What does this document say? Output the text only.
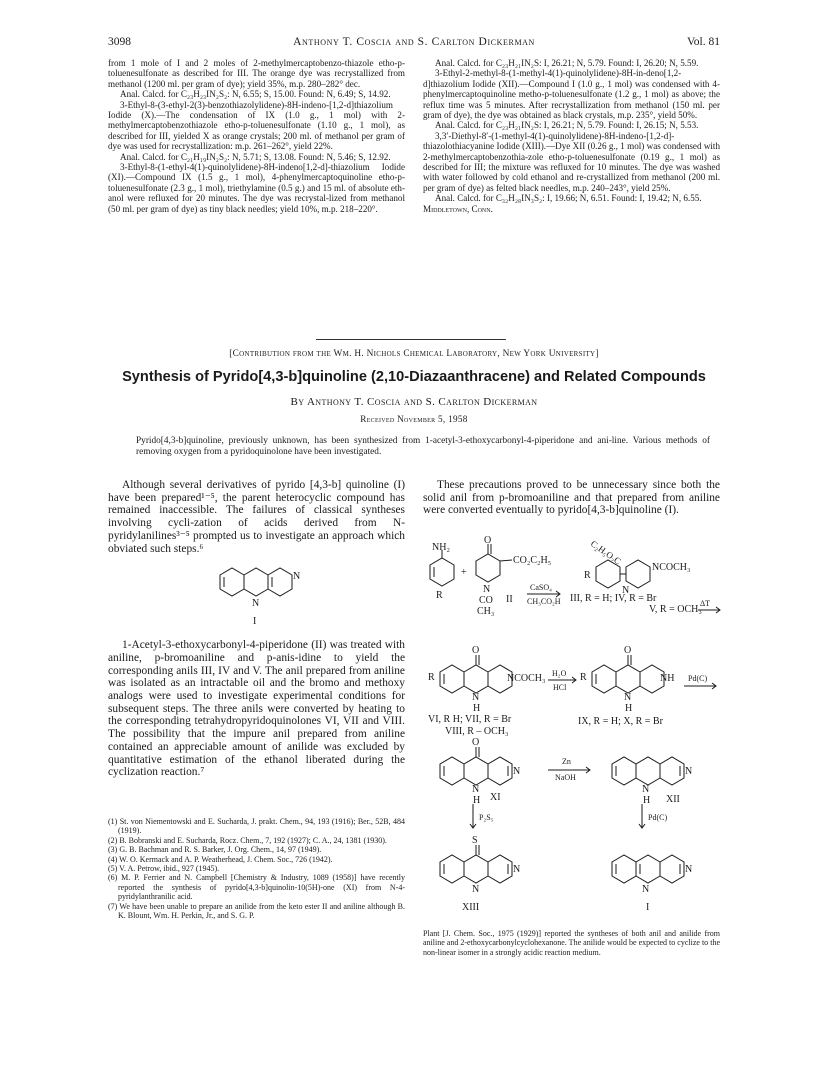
3098	Anthony T. Coscia and S. Carlton Dickerman	Vol. 81

from 1 mole of I and 2 moles of 2-methylmercaptobenzo-thiazole etho-p-toluenesulfonate as described for III. The orange dye was recrystallized from methanol (1200 ml. per gram of dye); yield 35%, m.p. 280–282° dec.

Anal. Calcd. for C₂₃H₂₃IN₂S₂: N, 6.55; S, 15.00. Found: N, 6.49; S, 14.92.

3-Ethyl-8-(3-ethyl-2(3)-benzothiazolylidene)-8H-indeno-[1,2-d]thiazolium Iodide (X).—The condensation of IX (1.0 g., 1 mol) with 2-methylmercaptobenzothiazole etho-p-toluenesulfonate (1.10 g., 1 mol), as described for III, yielded X as orange crystals; 200 ml. of methanol per gram of dye was used for recrystallization: m.p. 261–262°, yield 22%.

Anal. Calcd. for C₂₁H₁₉IN₂S₂: N, 5.71; S, 13.08. Found: N, 5.46; S, 12.92.

3-Ethyl-8-(1-ethyl-4(1)-quinolylidene)-8H-indeno[1,2-d]-thiazolium Iodide (XI).—Compound IX (1.5 g., 1 mol), 4-phenylmercaptoquinoline etho-p-toluenesulfonate (2.3 g., 1 mol), triethylamine (0.5 g.) and 15 ml. of absolute eth-anol were refluxed for 20 minutes. The dye was recrystal-lized from methanol (50 ml. per gram of dye) as tiny black needles; yield 10%, m.p. 218–220°.

Anal. Calcd. for C₂₃H₂₁IN₂S: I, 26.21; N, 5.79. Found: I, 26.20; N, 5.59.

3-Ethyl-2-methyl-8-(1-methyl-4(1)-quinolylidene)-8H-in-deno[1,2-d]thiazolium Iodide (XII).—Compound I (1.0 g., 1 mol) was condensed with 4-phenylmercaptoquinoline metho-p-toluenesulfonate (1.2 g., 1 mol) as above; the reflux time was 5 minutes. After recrystallization from methanol (150 ml. per gram of dye), the dye was obtained as black crystals, m.p. 235°, yield 50%.

Anal. Calcd. for C₂₃H₂₁IN₂S: I, 26.21; N, 5.79. Found: I, 26.15; N, 5.53.

3,3′-Diethyl-8′-(1-methyl-4(1)-quinolylidene)-8H-indeno-[1,2-d]-thiazolothiacyanine Iodide (XIII).—Dye XII (0.26 g., 1 mol) was condensed with 2-methylmercaptobenzothia-zole etho-p-toluenesulfonate (0.19 g., 1 mol) as described for III; the mixture was refluxed for 10 minutes. The dye was washed with water followed by cold ethanol and re-crystallized from methanol (200 ml. per gram of dye) as felted black needles, m.p. 240–243°, yield 25%.

Anal. Calcd. for C₃₂H₂₈IN₃S₂: I, 19.66; N, 6.51. Found: I, 19.42; N, 6.55.

Middletown, Conn.

[Contribution from the Wm. H. Nichols Chemical Laboratory, New York University]
Synthesis of Pyrido[4,3-b]quinoline (2,10-Diazaanthracene) and Related Compounds
By Anthony T. Coscia and S. Carlton Dickerman
Received November 5, 1958
Pyrido[4,3-b]quinoline, previously unknown, has been synthesized from 1-acetyl-3-ethoxycarbonyl-4-piperidone and ani-line. Various methods of removing oxygen from a pyridoquinolone have been investigated.

Although several derivatives of pyrido [4,3-b] quinoline (I) have been prepared¹⁻⁵, the parent heterocyclic compound has remained inaccessible. The failures of classical syntheses involving cycli-zation of acids derived from N-pyridylanilines³⁻⁵ prompted us to investigate an approach which obviated such steps.⁶

1-Acetyl-3-ethoxycarbonyl-4-piperidone (II) was treated with aniline, p-bromoaniline and p-anis-idine to yield the corresponding anils III, IV and V. The anil prepared from aniline was isolated as an intractable oil and the bromo and methoxy analogs were used to investigate experimental conditions for subsequent steps. The three anils were converted by heating to the corresponding tetrahydropyridoquinolones VI, VII and VIII. The possibility that the impure anil prepared from aniline contained an appreciable amount of anilide was excluded by quantitative estimation of the ethanol liberated during the cyclization reaction.⁷

These precautions proved to be unnecessary since both the solid anil from p-bromoaniline and that prepared from aniline were converted eventually to pyrido[4,3-b]quinoline (I).

(1) St. von Niementowski and E. Sucharda, J. prakt. Chem., 94, 193 (1916); Ber., 52B, 484 (1919).

(2) B. Bobranski and E. Sucharda, Rocz. Chem., 7, 192 (1927); C. A., 24, 1381 (1930).

(3) G. B. Bachman and R. S. Barker, J. Org. Chem., 14, 97 (1949).

(4) W. O. Kermack and A. P. Weatherhead, J. Chem. Soc., 726 (1942).

(5) V. A. Petrow, ibid., 927 (1945).

(6) M. P. Ferrier and N. Campbell [Chemistry & Industry, 1089 (1958)] have recently reported the synthesis of pyrido[4,3-b]quinolin-10(5H)-one (XI) from N-4-pyridylanthranilic acid.

(7) We have been unable to prepare an anilide from the keto ester II and aniline although B. K. Blount, Wm. H. Perkin, Jr., and S. G. P.

Plant [J. Chem. Soc., 1975 (1929)] reported the syntheses of both anil and anilide from aniline and 2-ethoxycarbonylcyclohexanone. The anilide would be expected to cyclize to the non-linear isomer in a strongly acidic reaction medium.

N
N
I
NH₂
R
+
O
CO₂C₂H₅
N
CO
CH₃
II
CaSO₄
CH₃CO₂H
C₂H₅O₂C
R
NCOCH₃
N
III, R = H; IV, R = Br
V, R = OCH₃
ΔT
O
R	NCOCH₃
N
H
VI, R H; VII, R = Br
VIII, R – OCH₃
H₂O
HCl
O
R	NH
N
H
IX, R = H; X, R = Br
Pd(C)
O
N
N
H XI
Zn
NaOH
N
N
H XII
P₂S₅	Pd(C)
S
N
N
XIII
N
N
I
